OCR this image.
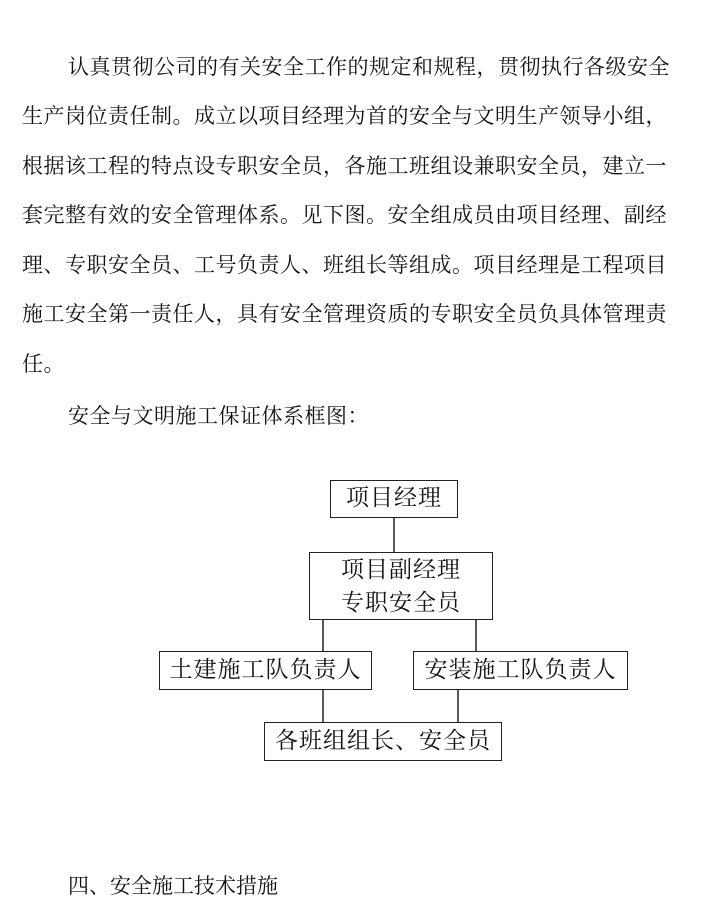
认真贯彻公司的有关安全工作的规定和规程，贯彻执行各级安全
生产岗位责任制。成立以项目经理为首的安全与文明生产领导小组，
根据该工程的特点设专职安全员，各施工班组设兼职安全员，建立一
套完整有效的安全管理体系。见下图。安全组成员由项目经理、副经
理、专职安全员、工号负责人、班组长等组成。项目经理是工程项目
施工安全第一责任人，具有安全管理资质的专职安全员负具体管理责
任。
安全与文明施工保证体系框图：
项目经理
项目副经理
专职安全员
土建施工队负责人	安装施工队负责人
各班组组长、安全员
四、安全施工技术措施
